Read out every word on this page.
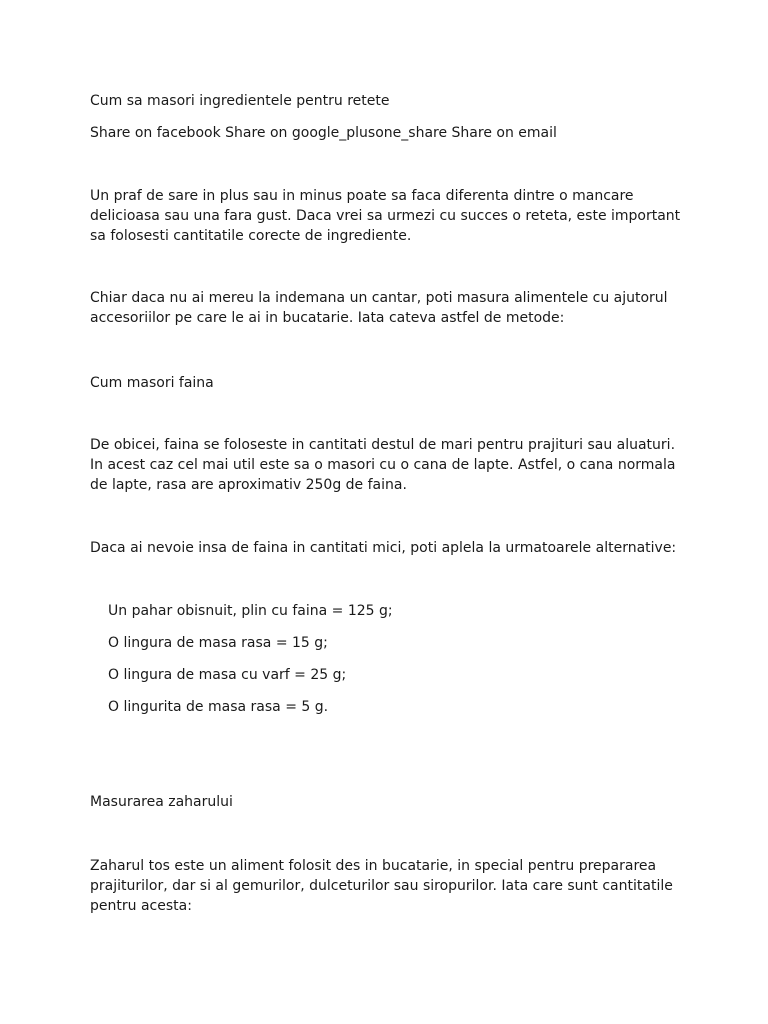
Cum sa masori ingredientele pentru retete

Share on facebook Share on google_plusone_share Share on email

Un praf de sare in plus sau in minus poate sa faca diferenta dintre o mancare delicioasa sau una fara gust. Daca vrei sa urmezi cu succes o reteta, este important sa folosesti cantitatile corecte de ingrediente.

Chiar daca nu ai mereu la indemana un cantar, poti masura alimentele cu ajutorul accesoriilor pe care le ai in bucatarie. Iata cateva astfel de metode:

Cum masori faina

De obicei, faina se foloseste in cantitati destul de mari pentru prajituri sau aluaturi. In acest caz cel mai util este sa o masori cu o cana de lapte. Astfel, o cana normala de lapte, rasa are aproximativ 250g de faina.

Daca ai nevoie insa de faina in cantitati mici, poti aplela la urmatoarele alternative:

Un pahar obisnuit, plin cu faina = 125 g;

O lingura de masa rasa = 15 g;

O lingura de masa cu varf = 25 g;

O lingurita de masa rasa = 5 g.

Masurarea zaharului

Zaharul tos este un aliment folosit des in bucatarie, in special pentru prepararea prajiturilor, dar si al gemurilor, dulceturilor sau siropurilor. Iata care sunt cantitatile pentru acesta:
